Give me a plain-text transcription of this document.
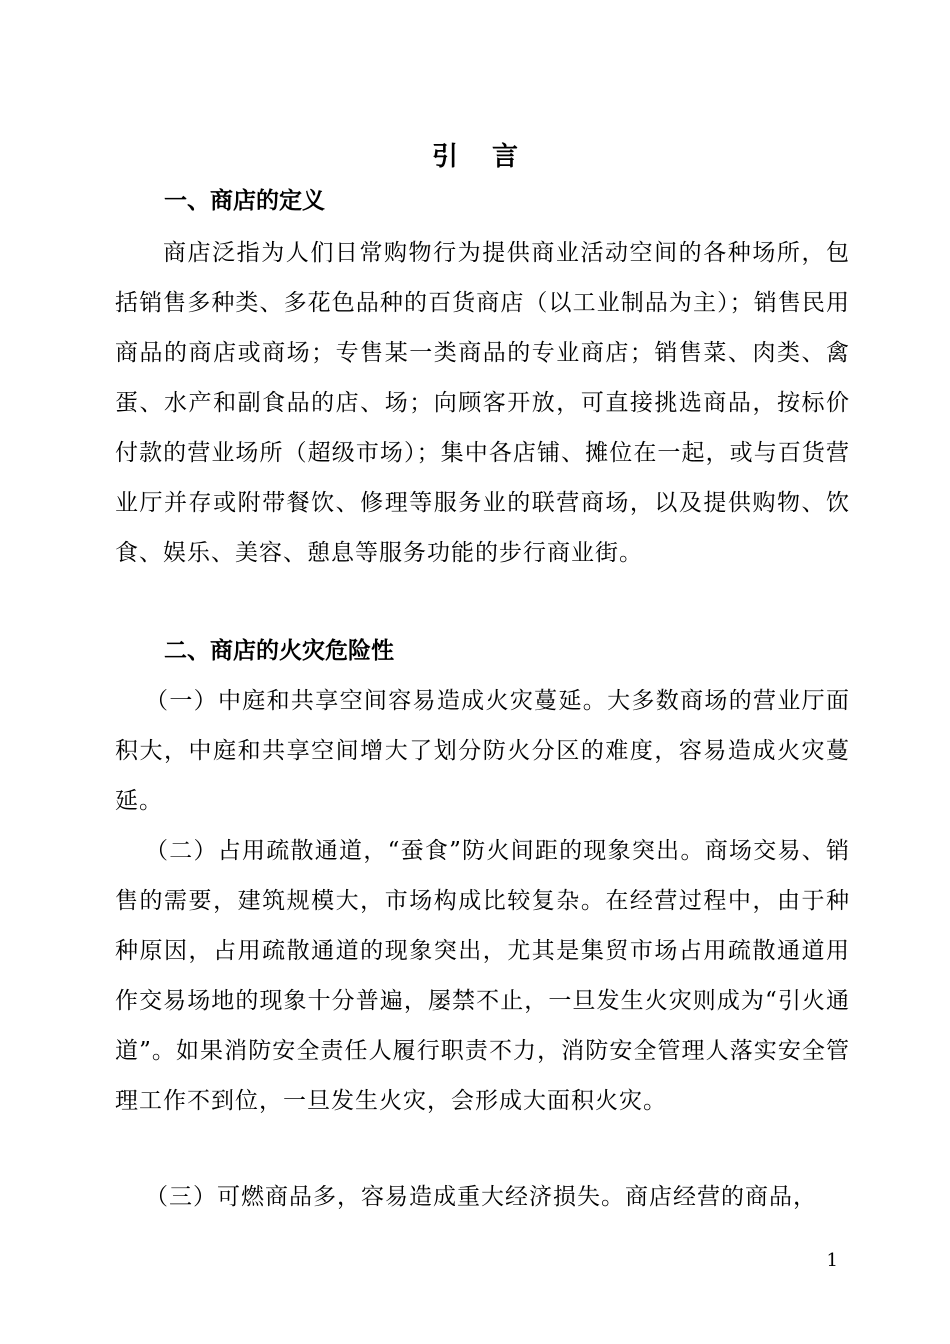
引言
一、商店的定义
商店泛指为人们日常购物行为提供商业活动空间的各种场所，包括销售多种类、多花色品种的百货商店（以工业制品为主）；销售民用商品的商店或商场；专售某一类商品的专业商店；销售菜、肉类、禽蛋、水产和副食品的店、场；向顾客开放，可直接挑选商品，按标价付款的营业场所（超级市场）；集中各店铺、摊位在一起，或与百货营业厅并存或附带餐饮、修理等服务业的联营商场，以及提供购物、饮食、娱乐、美容、憩息等服务功能的步行商业街。
二、商店的火灾危险性
（一）中庭和共享空间容易造成火灾蔓延。大多数商场的营业厅面积大，中庭和共享空间增大了划分防火分区的难度，容易造成火灾蔓延。
（二）占用疏散通道，“蚕食”防火间距的现象突出。商场交易、销售的需要，建筑规模大，市场构成比较复杂。在经营过程中，由于种种原因，占用疏散通道的现象突出，尤其是集贸市场占用疏散通道用作交易场地的现象十分普遍，屡禁不止，一旦发生火灾则成为“引火通道”。如果消防安全责任人履行职责不力，消防安全管理人落实安全管理工作不到位，一旦发生火灾，会形成大面积火灾。
（三）可燃商品多，容易造成重大经济损失。商店经营的商品，
1
